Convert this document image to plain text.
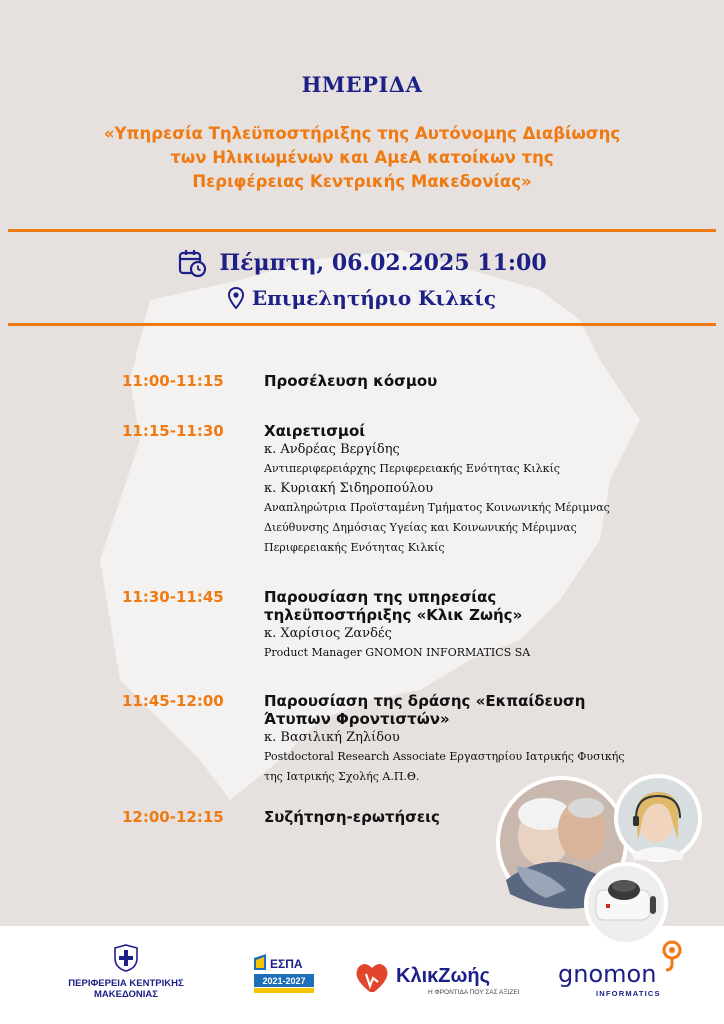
ΗΜΕΡΙΔΑ
«Υπηρεσία Τηλεϋποστήριξης της Αυτόνομης Διαβίωσης
των Ηλικιωμένων και ΑμεΑ κατοίκων της
Περιφέρειας Κεντρικής Μακεδονίας»
Πέμπτη, 06.02.2025 11:00
Επιμελητήριο Κιλκίς
11:00-11:15	Προσέλευση κόσμου
11:15-11:30	Χαιρετισμοί
κ. Ανδρέας Βεργίδης
Αντιπεριφερειάρχης Περιφερειακής Ενότητας Κιλκίς
κ. Κυριακή Σιδηροπούλου
Αναπληρώτρια Προϊσταμένη Τμήματος Κοινωνικής Μέριμνας
Διεύθυνσης Δημόσιας Υγείας και Κοινωνικής Μέριμνας
Περιφερειακής Ενότητας Κιλκίς
11:30-11:45	Παρουσίαση της υπηρεσίας
τηλεϋποστήριξης «Κλικ Ζωής»
κ. Χαρίσιος Ζανδές
Product Manager GNOMON INFORMATICS SA
11:45-12:00	Παρουσίαση της δράσης «Εκπαίδευση
Άτυπων Φροντιστών»
κ. Βασιλική Ζηλίδου
Postdoctoral Research Associate Εργαστηρίου Ιατρικής Φυσικής
της Ιατρικής Σχολής Α.Π.Θ.
12:00-12:15	Συζήτηση-ερωτήσεις
ΠΕΡΙΦΕΡΕΙΑ ΚΕΝΤΡΙΚΗΣ ΜΑΚΕΔΟΝΙΑΣ
ΕΣΠΑ
2021-2027	ΚλικΖωής
Η ΦΡΟΝΤΙΔΑ ΠΟΥ ΣΑΣ ΑΞΙΖΕΙ
gnomon
INFORMATICS
